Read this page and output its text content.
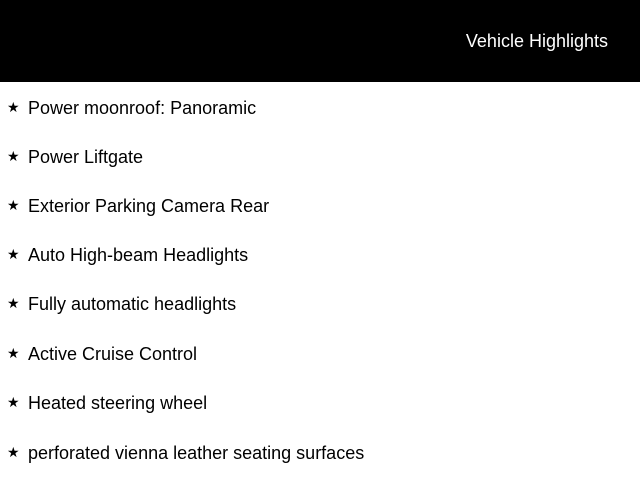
Vehicle Highlights
★ Power moonroof: Panoramic
★ Power Liftgate
★ Exterior Parking Camera Rear
★ Auto High-beam Headlights
★ Fully automatic headlights
★ Active Cruise Control
★ Heated steering wheel
★ perforated vienna leather seating surfaces
